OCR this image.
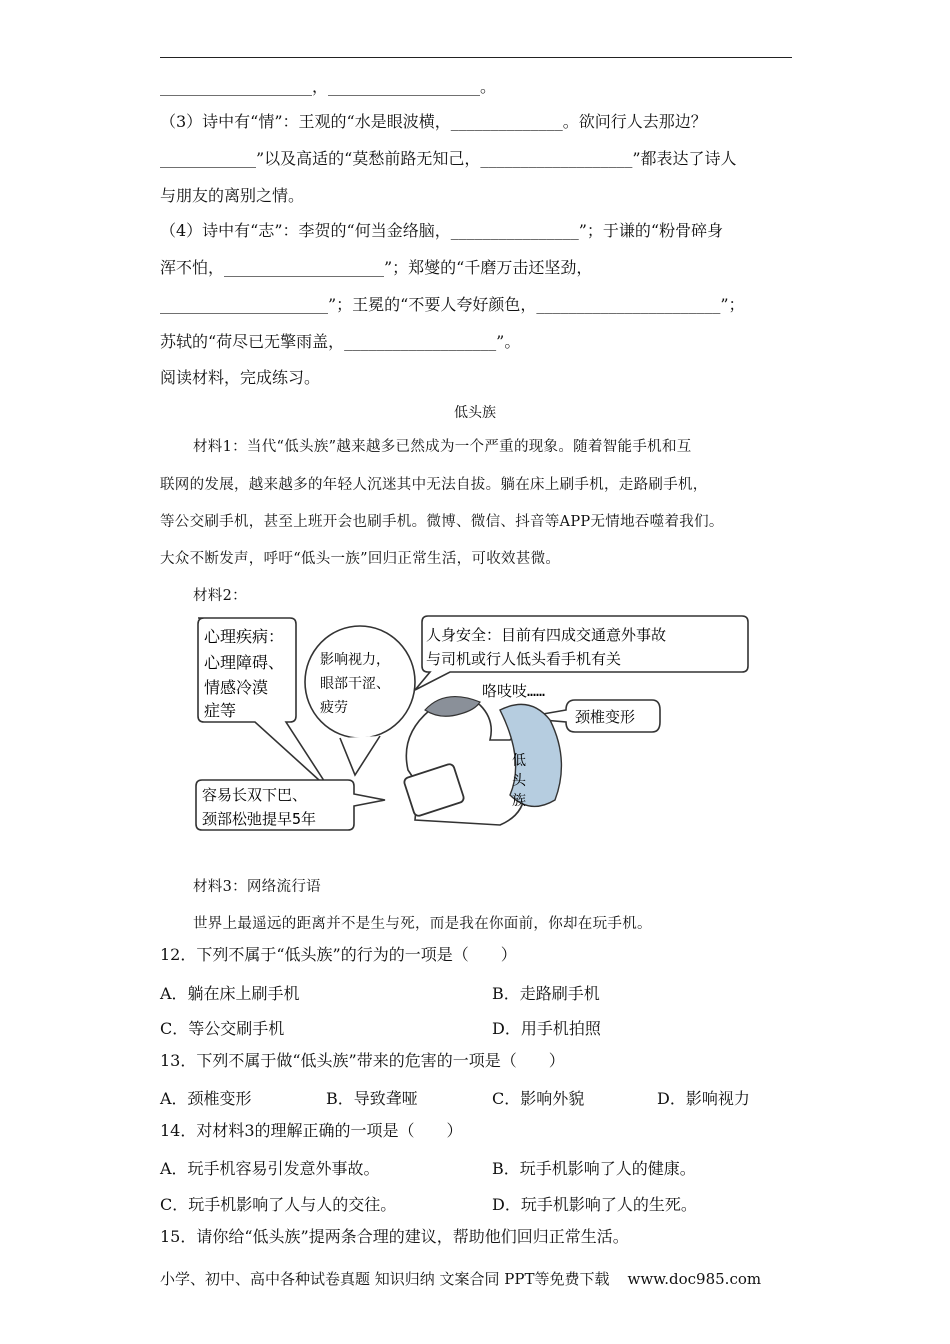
___________________，___________________。
（3）诗中有“情”：王观的“水是眼波横，______________。欲问行人去那边？
____________”以及高适的“莫愁前路无知己，___________________”都表达了诗人
与朋友的离别之情。
（4）诗中有“志”：李贺的“何当金络脑，________________”；于谦的“粉骨碎身
浑不怕，____________________”；郑燮的“千磨万击还坚劲，
_____________________”；王冕的“不要人夸好颜色，_______________________”；
苏轼的“荷尽已无擎雨盖，___________________”。
阅读材料，完成练习。
低头族
材料1：当代“低头族”越来越多已然成为一个严重的现象。随着智能手机和互
联网的发展，越来越多的年轻人沉迷其中无法自拔。躺在床上刷手机，走路刷手机，
等公交刷手机，甚至上班开会也刷手机。微博、微信、抖音等APP无情地吞噬着我们。
大众不断发声，呼吁“低头一族”回归正常生活，可收效甚微。
材料2：
心理疾病：
心理障碍、
情感冷漠
症等
影响视力，
眼部干涩、
疲劳
人身安全：目前有四成交通意外事故
与司机或行人低头看手机有关
咯吱吱……
颈椎变形
低
头
族
容易长双下巴、
颈部松弛提早5年
材料3：网络流行语
世界上最遥远的距离并不是生与死，而是我在你面前，你却在玩手机。
12．下列不属于“低头族”的行为的一项是（　　）
A．躺在床上刷手机	B．走路刷手机
C．等公交刷手机	D．用手机拍照
13．下列不属于做“低头族”带来的危害的一项是（　　）
A．颈椎变形	B．导致聋哑	C．影响外貌	D．影响视力
14．对材料3的理解正确的一项是（　　）
A．玩手机容易引发意外事故。	B．玩手机影响了人的健康。
C．玩手机影响了人与人的交往。	D．玩手机影响了人的生死。
15．请你给“低头族”提两条合理的建议，帮助他们回归正常生活。
小学、初中、高中各种试卷真题 知识归纳 文案合同 PPT等免费下载 www.doc985.com
